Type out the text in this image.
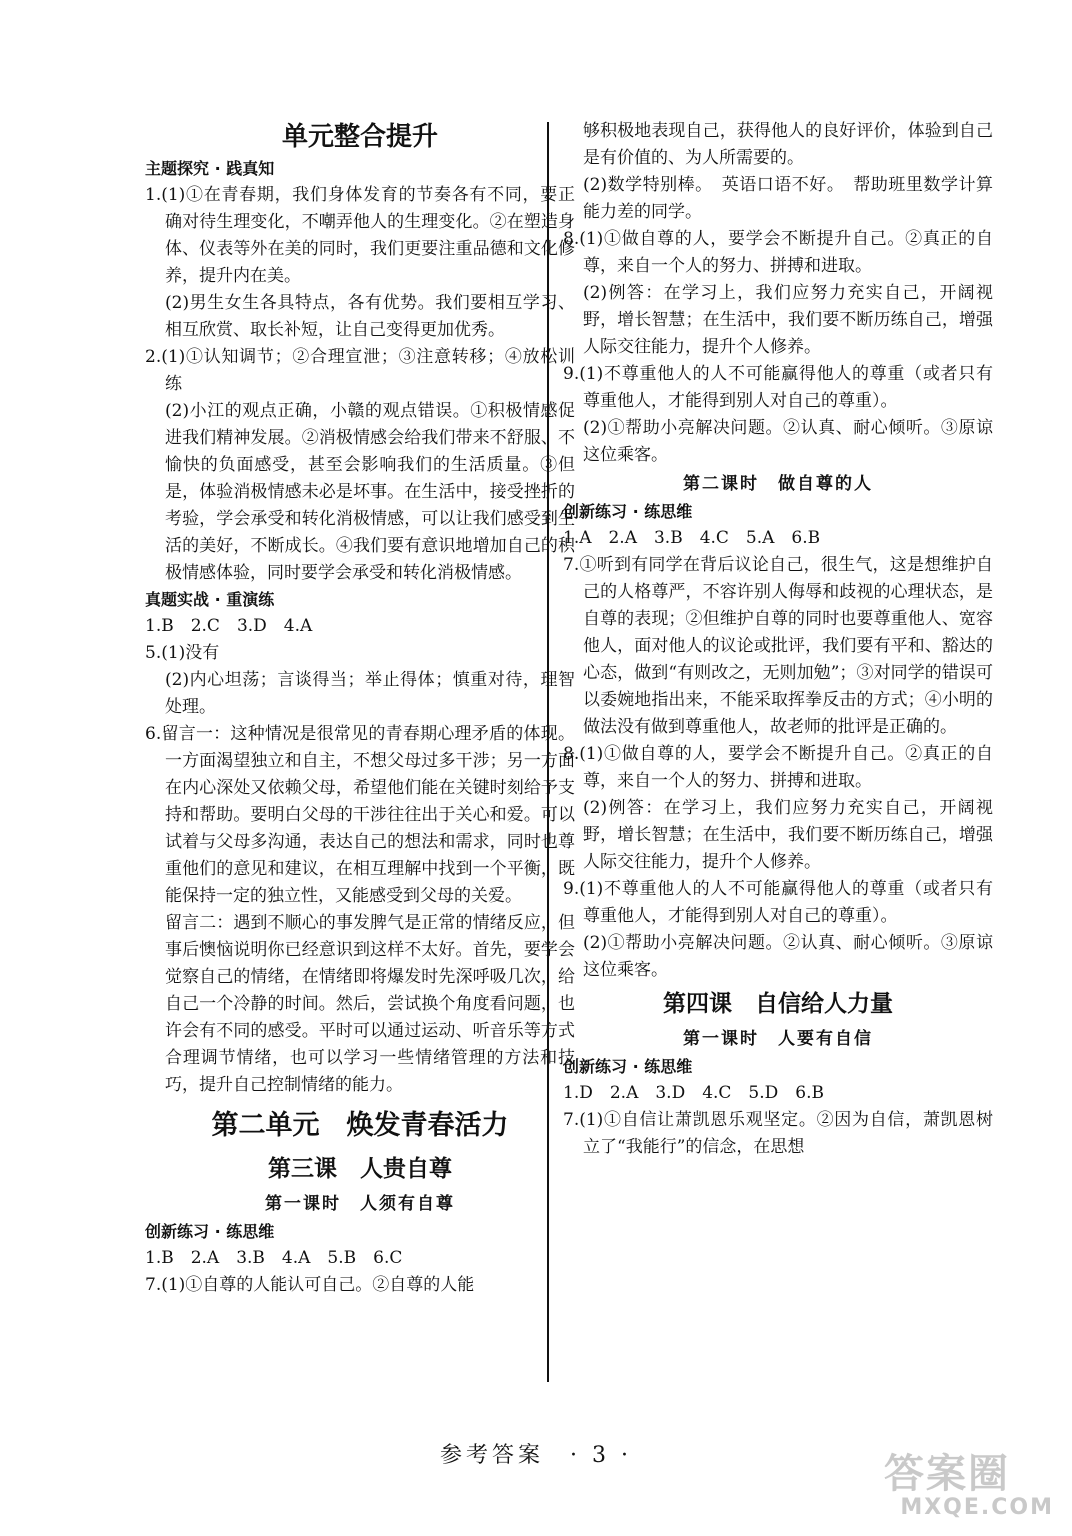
单元整合提升
主题探究 · 践真知
1.(1)①在青春期，我们身体发育的节奏各有不同，要正确对待生理变化，不嘲弄他人的生理变化。②在塑造身体、仪表等外在美的同时，我们更要注重品德和文化修养，提升内在美。
(2)男生女生各具特点，各有优势。我们要相互学习、相互欣赏、取长补短，让自己变得更加优秀。
2.(1)①认知调节；②合理宣泄；③注意转移；④放松训练
(2)小江的观点正确，小赣的观点错误。①积极情感促进我们精神发展。②消极情感会给我们带来不舒服、不愉快的负面感受，甚至会影响我们的生活质量。③但是，体验消极情感未必是坏事。在生活中，接受挫折的考验，学会承受和转化消极情感，可以让我们感受到生活的美好，不断成长。④我们要有意识地增加自己的积极情感体验，同时要学会承受和转化消极情感。
真题实战 · 重演练
1.B　2.C　3.D　4.A
5.(1)没有
(2)内心坦荡；言谈得当；举止得体；慎重对待，理智处理。
6.留言一：这种情况是很常见的青春期心理矛盾的体现。一方面渴望独立和自主，不想父母过多干涉；另一方面在内心深处又依赖父母，希望他们能在关键时刻给予支持和帮助。要明白父母的干涉往往出于关心和爱。可以试着与父母多沟通，表达自己的想法和需求，同时也尊重他们的意见和建议，在相互理解中找到一个平衡，既能保持一定的独立性，又能感受到父母的关爱。
留言二：遇到不顺心的事发脾气是正常的情绪反应，但事后懊恼说明你已经意识到这样不太好。首先，要学会觉察自己的情绪，在情绪即将爆发时先深呼吸几次，给自己一个冷静的时间。然后，尝试换个角度看问题，也许会有不同的感受。平时可以通过运动、听音乐等方式合理调节情绪，也可以学习一些情绪管理的方法和技巧，提升自己控制情绪的能力。
第二单元　焕发青春活力
第三课　人贵自尊
第一课时　人须有自尊
创新练习 · 练思维
1.B　2.A　3.B　4.A　5.B　6.C
7.(1)①自尊的人能认可自己。②自尊的人能
够积极地表现自己，获得他人的良好评价，体验到自己是有价值的、为人所需要的。
(2)数学特别棒。　英语口语不好。　帮助班里数学计算能力差的同学。
8.(1)①做自尊的人，要学会不断提升自己。②真正的自尊，来自一个人的努力、拼搏和进取。
(2)例答：在学习上，我们应努力充实自己，开阔视野，增长智慧；在生活中，我们要不断历练自己，增强人际交往能力，提升个人修养。
9.(1)不尊重他人的人不可能赢得他人的尊重（或者只有尊重他人，才能得到别人对自己的尊重）。
(2)①帮助小亮解决问题。②认真、耐心倾听。③原谅这位乘客。
第二课时　做自尊的人
创新练习 · 练思维
1.A　2.A　3.B　4.C　5.A　6.B
7.①听到有同学在背后议论自己，很生气，这是想维护自己的人格尊严，不容许别人侮辱和歧视的心理状态，是自尊的表现；②但维护自尊的同时也要尊重他人、宽容他人，面对他人的议论或批评，我们要有平和、豁达的心态，做到“有则改之，无则加勉”；③对同学的错误可以委婉地指出来，不能采取挥拳反击的方式；④小明的做法没有做到尊重他人，故老师的批评是正确的。
8.(1)①做自尊的人，要学会不断提升自己。②真正的自尊，来自一个人的努力、拼搏和进取。
(2)例答：在学习上，我们应努力充实自己，开阔视野，增长智慧；在生活中，我们要不断历练自己，增强人际交往能力，提升个人修养。
9.(1)不尊重他人的人不可能赢得他人的尊重（或者只有尊重他人，才能得到别人对自己的尊重）。
(2)①帮助小亮解决问题。②认真、耐心倾听。③原谅这位乘客。
第四课　自信给人力量
第一课时　人要有自信
创新练习 · 练思维
1.D　2.A　3.D　4.C　5.D　6.B
7.(1)①自信让萧凯恩乐观坚定。②因为自信，萧凯恩树立了“我能行”的信念，在思想
参考答案　· 3 ·	答案圈
MXQE.COM
